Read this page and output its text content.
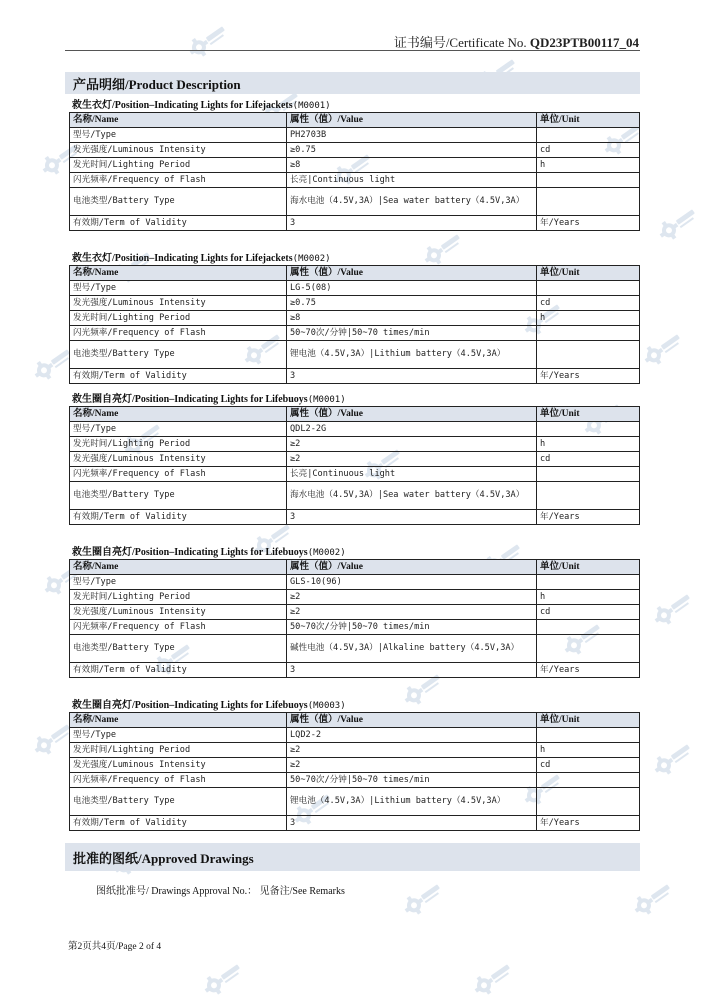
证书编号/Certificate No. QD23PTB00117_04
产品明细/Product Description
救生衣灯/Position–Indicating Lights for Lifejackets(M0001)
名称/Name	属性（值）/Value	单位/Unit
型号/Type	PH2703B	
发光强度/Luminous Intensity	≥0.75	cd
发光时间/Lighting Period	≥8	h
闪光频率/Frequency of Flash	长亮|Continuous light	
电池类型/Battery Type	海水电池（4.5V,3A）|Sea water battery（4.5V,3A）	
有效期/Term of Validity	3	年/Years
救生衣灯/Position–Indicating Lights for Lifejackets(M0002)
名称/Name	属性（值）/Value	单位/Unit
型号/Type	LG-5(08)	
发光强度/Luminous Intensity	≥0.75	cd
发光时间/Lighting Period	≥8	h
闪光频率/Frequency of Flash	50~70次/分钟|50~70 times/min	
电池类型/Battery Type	锂电池（4.5V,3A）|Lithium battery（4.5V,3A）	
有效期/Term of Validity	3	年/Years
救生圈自亮灯/Position–Indicating Lights for Lifebuoys(M0001)
名称/Name	属性（值）/Value	单位/Unit
型号/Type	QDL2-2G	
发光时间/Lighting Period	≥2	h
发光强度/Luminous Intensity	≥2	cd
闪光频率/Frequency of Flash	长亮|Continuous light	
电池类型/Battery Type	海水电池（4.5V,3A）|Sea water battery（4.5V,3A）	
有效期/Term of Validity	3	年/Years
救生圈自亮灯/Position–Indicating Lights for Lifebuoys(M0002)
名称/Name	属性（值）/Value	单位/Unit
型号/Type	GLS-10(96)	
发光时间/Lighting Period	≥2	h
发光强度/Luminous Intensity	≥2	cd
闪光频率/Frequency of Flash	50~70次/分钟|50~70 times/min	
电池类型/Battery Type	碱性电池（4.5V,3A）|Alkaline battery（4.5V,3A）	
有效期/Term of Validity	3	年/Years
救生圈自亮灯/Position–Indicating Lights for Lifebuoys(M0003)
名称/Name	属性（值）/Value	单位/Unit
型号/Type	LQD2-2	
发光时间/Lighting Period	≥2	h
发光强度/Luminous Intensity	≥2	cd
闪光频率/Frequency of Flash	50~70次/分钟|50~70 times/min	
电池类型/Battery Type	锂电池（4.5V,3A）|Lithium battery（4.5V,3A）	
有效期/Term of Validity	3	年/Years
批准的图纸/Approved Drawings
图纸批准号/ Drawings Approval No.： 见备注/See Remarks
第2页共4页/Page 2 of 4
